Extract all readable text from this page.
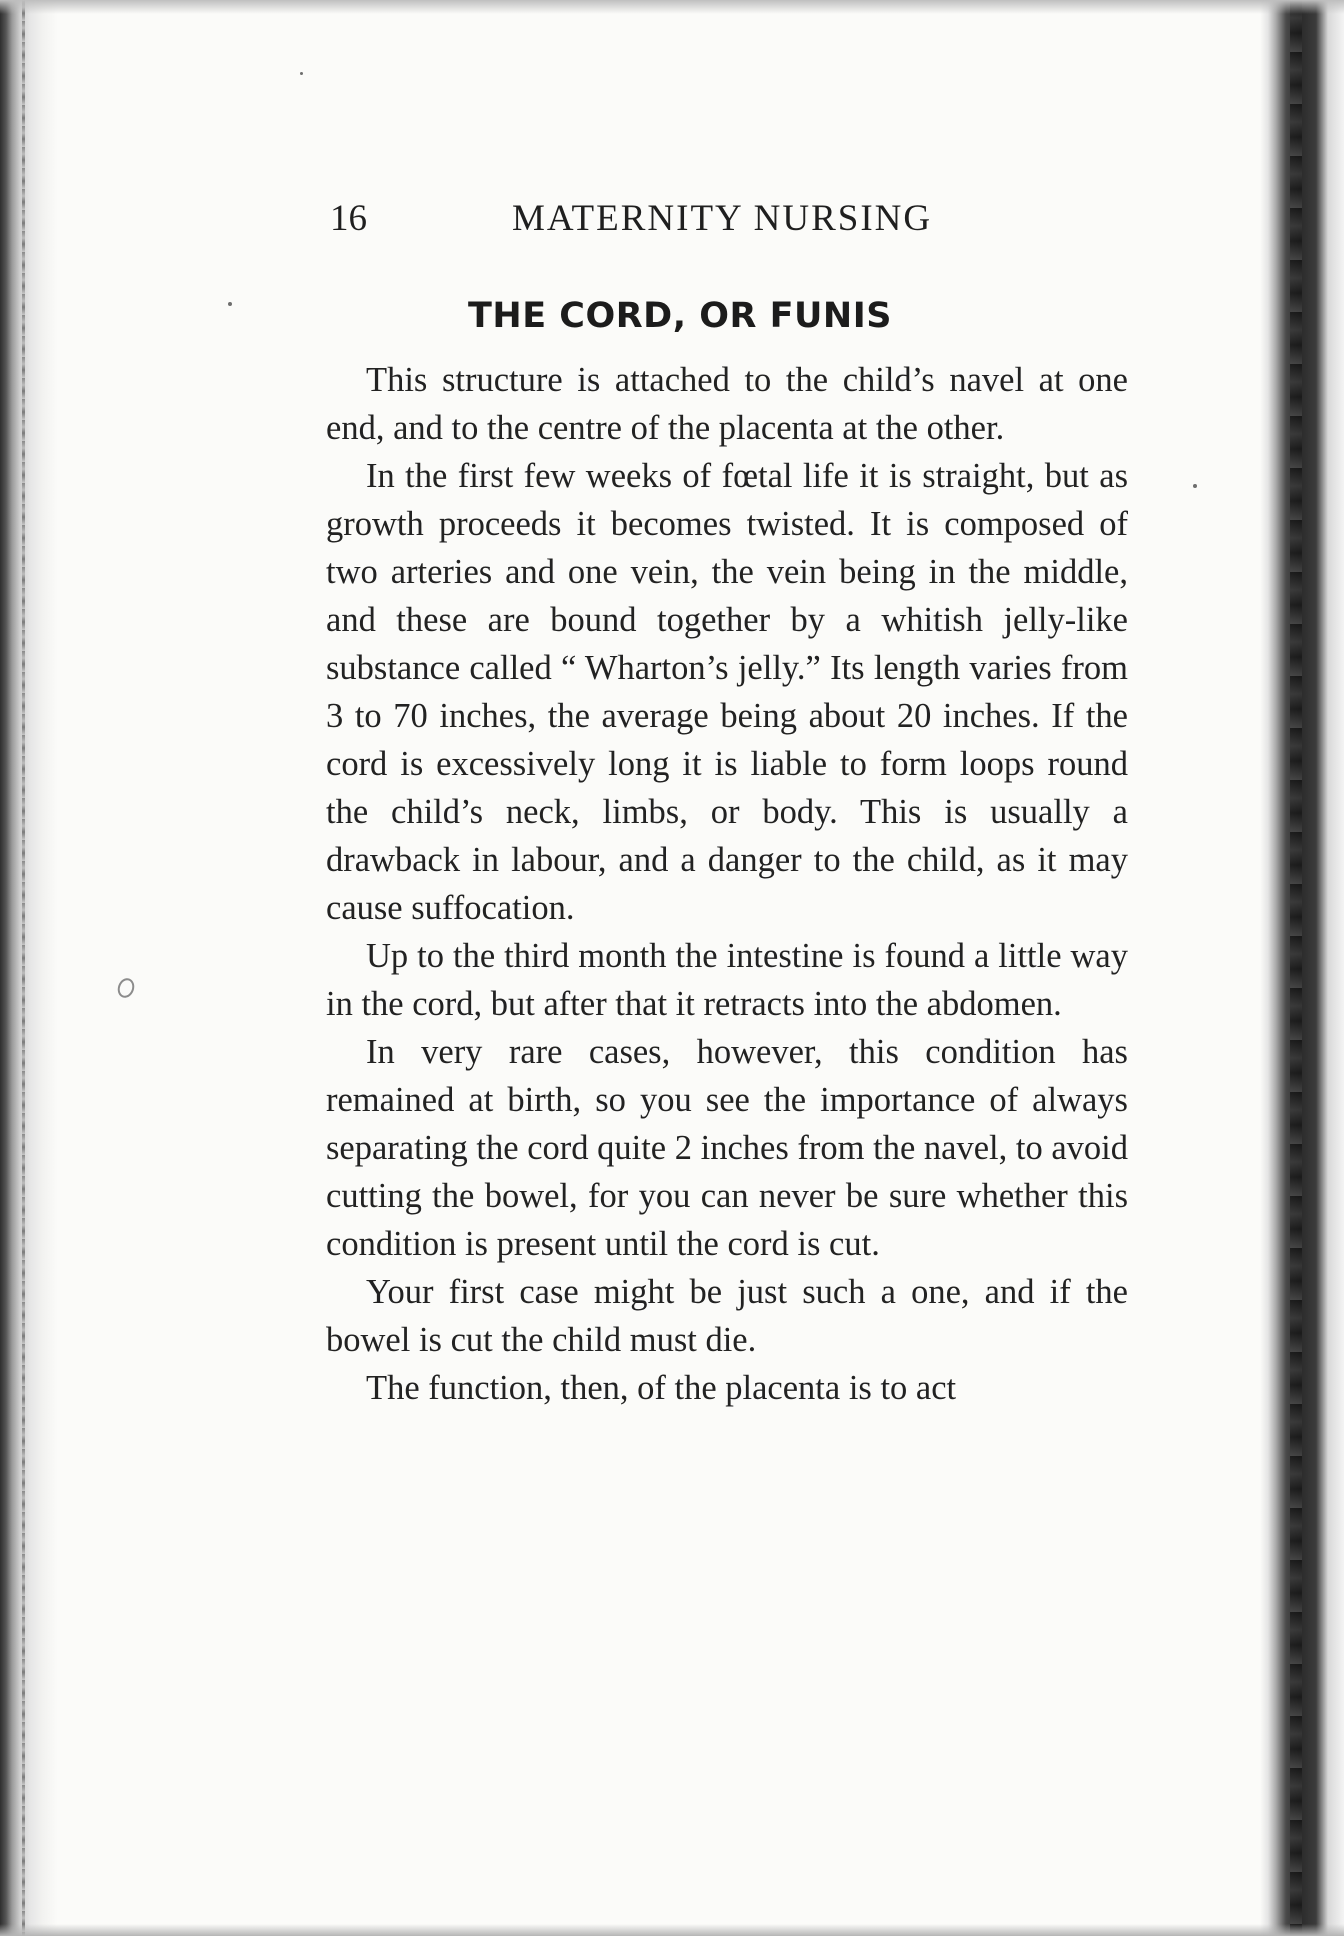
16	MATERNITY NURSING
THE CORD, OR FUNIS

This structure is attached to the child’s navel at one end, and to the centre of the placenta at the other.

In the first few weeks of fœtal life it is straight, but as growth proceeds it becomes twisted. It is composed of two arteries and one vein, the vein being in the middle, and these are bound together by a whitish jelly-like substance called “ Wharton’s jelly.” Its length varies from 3 to 70 inches, the average being about 20 inches. If the cord is excessively long it is liable to form loops round the child’s neck, limbs, or body. This is usually a drawback in labour, and a danger to the child, as it may cause suffocation.

Up to the third month the intestine is found a little way in the cord, but after that it retracts into the abdomen.

In very rare cases, however, this condition has remained at birth, so you see the importance of always separating the cord quite 2 inches from the navel, to avoid cutting the bowel, for you can never be sure whether this condition is present until the cord is cut.

Your first case might be just such a one, and if the bowel is cut the child must die.

The function, then, of the placenta is to act
